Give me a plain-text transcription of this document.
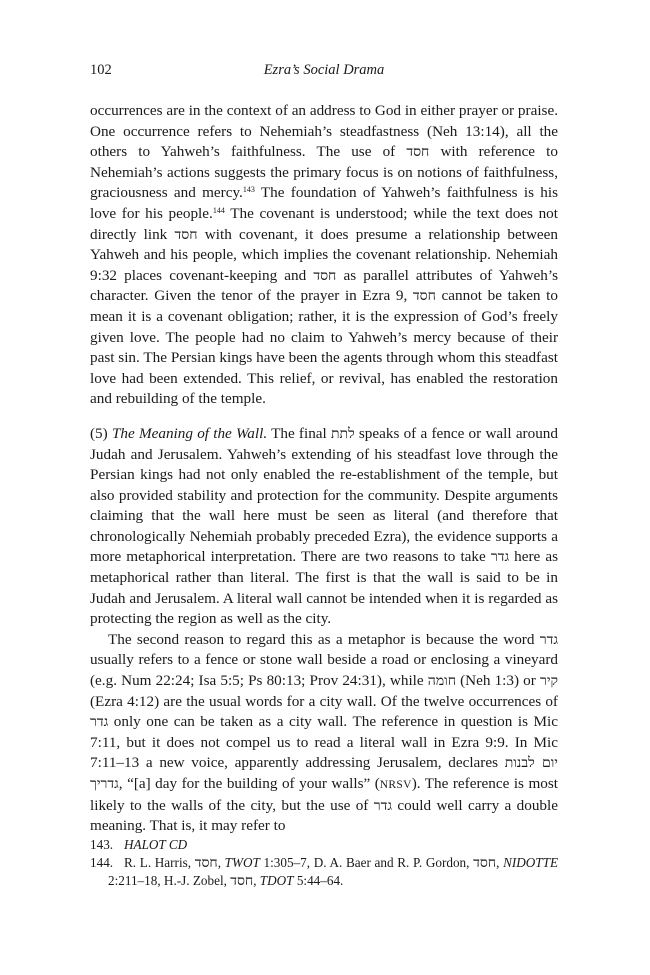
102	Ezra’s Social Drama

occurrences are in the context of an address to God in either prayer or praise. One occurrence refers to Nehemiah’s steadfastness (Neh 13:14), all the others to Yahweh’s faithfulness. The use of חסד with reference to Nehemiah’s actions suggests the primary focus is on notions of faithfulness, graciousness and mercy.$^{143}$ The foundation of Yahweh’s faithfulness is his love for his people.$^{144}$ The covenant is understood; while the text does not directly link חסד with covenant, it does presume a relationship between Yahweh and his people, which implies the covenant relationship. Nehemiah 9:32 places covenant-keeping and חסד as parallel attributes of Yahweh’s character. Given the tenor of the prayer in Ezra 9, חסד cannot be taken to mean it is a covenant obligation; rather, it is the expression of God’s freely given love. The people had no claim to Yahweh’s mercy because of their past sin. The Persian kings have been the agents through whom this steadfast love had been extended. This relief, or revival, has enabled the restoration and rebuilding of the temple.

(5) The Meaning of the Wall. The final לתת speaks of a fence or wall around Judah and Jerusalem. Yahweh’s extending of his steadfast love through the Persian kings had not only enabled the re-establishment of the temple, but also provided stability and protection for the community. Despite arguments claiming that the wall here must be seen as literal (and therefore that chronologically Nehemiah probably preceded Ezra), the evidence supports a more metaphorical interpretation. There are two reasons to take גדר here as metaphorical rather than literal. The first is that the wall is said to be in Judah and Jerusalem. A literal wall cannot be intended when it is regarded as protecting the region as well as the city.

The second reason to regard this as a metaphor is because the word גדר usually refers to a fence or stone wall beside a road or enclosing a vineyard (e.g. Num 22:24; Isa 5:5; Ps 80:13; Prov 24:31), while חומה (Neh 1:3) or קיר (Ezra 4:12) are the usual words for a city wall. Of the twelve occurrences of גדר only one can be taken as a city wall. The reference in question is Mic 7:11, but it does not compel us to read a literal wall in Ezra 9:9. In Mic 7:11–13 a new voice, apparently addressing Jerusalem, declares יום לבנות גדריך, “[a] day for the building of your walls” (NRSV). The reference is most likely to the walls of the city, but the use of גדר could well carry a double meaning. That is, it may refer to

143. HALOT CD

144. R. L. Harris, חסד, TWOT 1:305–7, D. A. Baer and R. P. Gordon, חסד, NIDOTTE 2:211–18, H.-J. Zobel, חסד, TDOT 5:44–64.
